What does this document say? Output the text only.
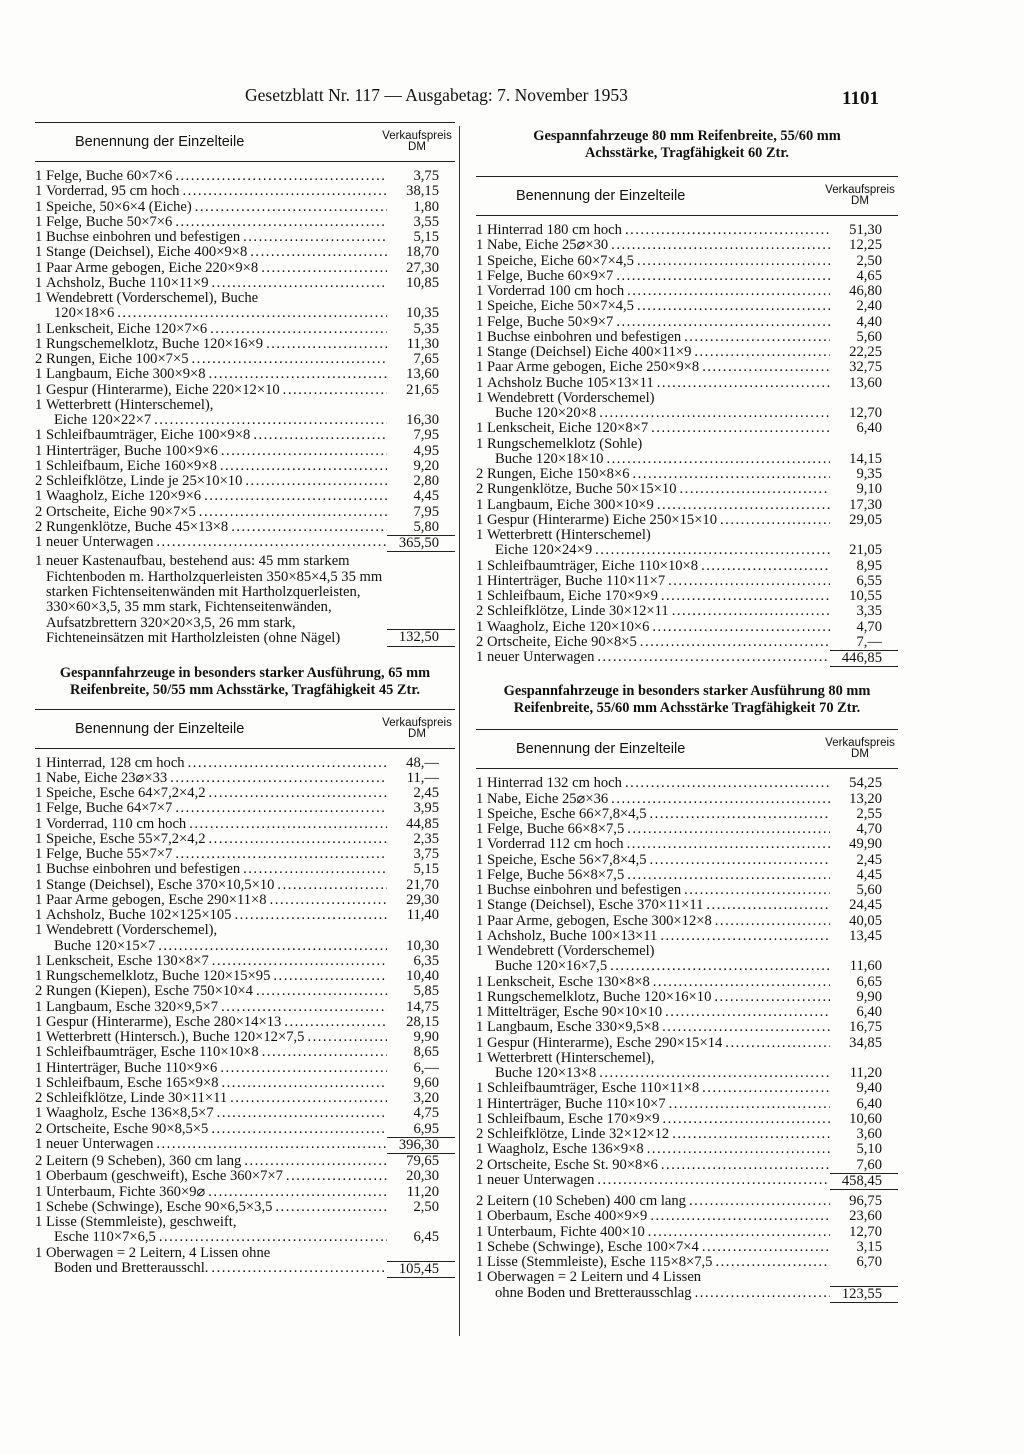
Gesetzblatt Nr. 117 — Ausgabetag: 7. November 1953	1101
Benennung der Einzelteile	Verkaufspreis
DM
1 Felge, Buche 60×7×6 .....	3,75
1 Vorderrad, 95 cm hoch .....	38,15
1 Speiche, 50×6×4 (Eiche) .....	1,80
1 Felge, Buche 50×7×6 .....	3,55
1 Buchse einbohren und befestigen .....	5,15
1 Stange (Deichsel), Eiche 400×9×8 .....	18,70
1 Paar Arme gebogen, Eiche 220×9×8 .....	27,30
1 Achsholz, Buche 110×11×9 .....	10,85
1 Wendebrett (Vorderschemel), Buche
120×18×6 .....	10,35
1 Lenkscheit, Eiche 120×7×6 .....	5,35
1 Rungschemelklotz, Buche 120×16×9 .....	11,30
2 Rungen, Eiche 100×7×5 .....	7,65
1 Langbaum, Eiche 300×9×8 .....	13,60
1 Gespur (Hinterarme), Eiche 220×12×10 .....	21,65
1 Wetterbrett (Hinterschemel),
Eiche 120×22×7 .....	16,30
1 Schleifbaumträger, Eiche 100×9×8 .....	7,95
1 Hinterträger, Buche 100×9×6 .....	4,95
1 Schleifbaum, Eiche 160×9×8 .....	9,20
2 Schleifklötze, Linde je 25×10×10 .....	2,80
1 Waagholz, Eiche 120×9×6 .....	4,45
2 Ortscheite, Eiche 90×7×5 .....	7,95
2 Rungenklötze, Buche 45×13×8 .....	5,80
1 neuer Unterwagen .....	365,50
1 neuer Kastenaufbau, bestehend aus: 45 mm starkem Fichtenboden m. Hartholzquerleisten 350×85×4,5 35 mm starken Fichtenseitenwänden mit Hartholzquerleisten, 330×60×3,5, 35 mm stark, Fichtenseitenwänden, Aufsatzbrettern 320×20×3,5, 26 mm stark, Fichteneinsätzen mit Hartholzleisten (ohne Nägel)	132,50
Gespannfahrzeuge in besonders starker Ausführung, 65 mm Reifenbreite, 50/55 mm Achsstärke, Tragfähigkeit 45 Ztr.
Benennung der Einzelteile	Verkaufspreis
DM
1 Hinterrad, 128 cm hoch .....	48,—
1 Nabe, Eiche 23⌀×33 .....	11,—
1 Speiche, Esche 64×7,2×4,2 .....	2,45
1 Felge, Buche 64×7×7 .....	3,95
1 Vorderrad, 110 cm hoch .....	44,85
1 Speiche, Esche 55×7,2×4,2 .....	2,35
1 Felge, Buche 55×7×7 .....	3,75
1 Buchse einbohren und befestigen .....	5,15
1 Stange (Deichsel), Esche 370×10,5×10 .....	21,70
1 Paar Arme gebogen, Esche 290×11×8 .....	29,30
1 Achsholz, Buche 102×125×105 .....	11,40
1 Wendebrett (Vorderschemel),
Buche 120×15×7 .....	10,30
1 Lenkscheit, Esche 130×8×7 .....	6,35
1 Rungschemelklotz, Buche 120×15×95 .....	10,40
2 Rungen (Kiepen), Esche 750×10×4 .....	5,85
1 Langbaum, Esche 320×9,5×7 .....	14,75
1 Gespur (Hinterarme), Esche 280×14×13 .....	28,15
1 Wetterbrett (Hintersch.), Buche 120×12×7,5 .....	9,90
1 Schleifbaumträger, Esche 110×10×8 .....	8,65
1 Hinterträger, Buche 110×9×6 .....	6,—
1 Schleifbaum, Esche 165×9×8 .....	9,60
2 Schleifklötze, Linde 30×11×11 .....	3,20
1 Waagholz, Esche 136×8,5×7 .....	4,75
2 Ortscheite, Esche 90×8,5×5 .....	6,95
1 neuer Unterwagen .....	396,30
2 Leitern (9 Scheben), 360 cm lang .....	79,65
1 Oberbaum (geschweift), Esche 360×7×7 .....	20,30
1 Unterbaum, Fichte 360×9⌀ .....	11,20
1 Schebe (Schwinge), Esche 90×6,5×3,5 .....	2,50
1 Lisse (Stemmleiste), geschweift,
Esche 110×7×6,5 .....	6,45
1 Oberwagen = 2 Leitern, 4 Lissen ohne
Boden und Bretterausschl. .....	105,45
Gespannfahrzeuge 80 mm Reifenbreite, 55/60 mm Achsstärke, Tragfähigkeit 60 Ztr.
Benennung der Einzelteile	Verkaufspreis
DM
1 Hinterrad 180 cm hoch .....	51,30
1 Nabe, Eiche 25⌀×30 .....	12,25
1 Speiche, Eiche 60×7×4,5 .....	2,50
1 Felge, Buche 60×9×7 .....	4,65
1 Vorderrad 100 cm hoch .....	46,80
1 Speiche, Eiche 50×7×4,5 .....	2,40
1 Felge, Buche 50×9×7 .....	4,40
1 Buchse einbohren und befestigen .....	5,60
1 Stange (Deichsel) Eiche 400×11×9 .....	22,25
1 Paar Arme gebogen, Eiche 250×9×8 .....	32,75
1 Achsholz Buche 105×13×11 .....	13,60
1 Wendebrett (Vorderschemel)
Buche 120×20×8 .....	12,70
1 Lenkscheit, Eiche 120×8×7 .....	6,40
1 Rungschemelklotz (Sohle)
Buche 120×18×10 .....	14,15
2 Rungen, Eiche 150×8×6 .....	9,35
2 Rungenklötze, Buche 50×15×10 .....	9,10
1 Langbaum, Eiche 300×10×9 .....	17,30
1 Gespur (Hinterarme) Eiche 250×15×10 .....	29,05
1 Wetterbrett (Hinterschemel)
Eiche 120×24×9 .....	21,05
1 Schleifbaumträger, Eiche 110×10×8 .....	8,95
1 Hinterträger, Buche 110×11×7 .....	6,55
1 Schleifbaum, Eiche 170×9×9 .....	10,55
2 Schleifklötze, Linde 30×12×11 .....	3,35
1 Waagholz, Eiche 120×10×6 .....	4,70
2 Ortscheite, Eiche 90×8×5 .....	7,—
1 neuer Unterwagen .....	446,85
Gespannfahrzeuge in besonders starker Ausführung 80 mm Reifenbreite, 55/60 mm Achsstärke Tragfähigkeit 70 Ztr.
Benennung der Einzelteile	Verkaufspreis
DM
1 Hinterrad 132 cm hoch .....	54,25
1 Nabe, Eiche 25⌀×36 .....	13,20
1 Speiche, Esche 66×7,8×4,5 .....	2,55
1 Felge, Buche 66×8×7,5 .....	4,70
1 Vorderrad 112 cm hoch .....	49,90
1 Speiche, Esche 56×7,8×4,5 .....	2,45
1 Felge, Buche 56×8×7,5 .....	4,45
1 Buchse einbohren und befestigen .....	5,60
1 Stange (Deichsel), Esche 370×11×11 .....	24,45
1 Paar Arme, gebogen, Esche 300×12×8 .....	40,05
1 Achsholz, Buche 100×13×11 .....	13,45
1 Wendebrett (Vorderschemel)
Buche 120×16×7,5 .....	11,60
1 Lenkscheit, Esche 130×8×8 .....	6,65
1 Rungschemelklotz, Buche 120×16×10 .....	9,90
1 Mittelträger, Esche 90×10×10 .....	6,40
1 Langbaum, Esche 330×9,5×8 .....	16,75
1 Gespur (Hinterarme), Esche 290×15×14 .....	34,85
1 Wetterbrett (Hinterschemel),
Buche 120×13×8 .....	11,20
1 Schleifbaumträger, Esche 110×11×8 .....	9,40
1 Hinterträger, Buche 110×10×7 .....	6,40
1 Schleifbaum, Esche 170×9×9 .....	10,60
2 Schleifklötze, Linde 32×12×12 .....	3,60
1 Waagholz, Esche 136×9×8 .....	5,10
2 Ortscheite, Esche St. 90×8×6 .....	7,60
1 neuer Unterwagen .....	458,45
2 Leitern (10 Scheben) 400 cm lang .....	96,75
1 Oberbaum, Esche 400×9×9 .....	23,60
1 Unterbaum, Fichte 400×10 .....	12,70
1 Schebe (Schwinge), Esche 100×7×4 .....	3,15
1 Lisse (Stemmleiste), Esche 115×8×7,5 .....	6,70
1 Oberwagen = 2 Leitern und 4 Lissen
ohne Boden und Bretterausschlag .....	123,55
